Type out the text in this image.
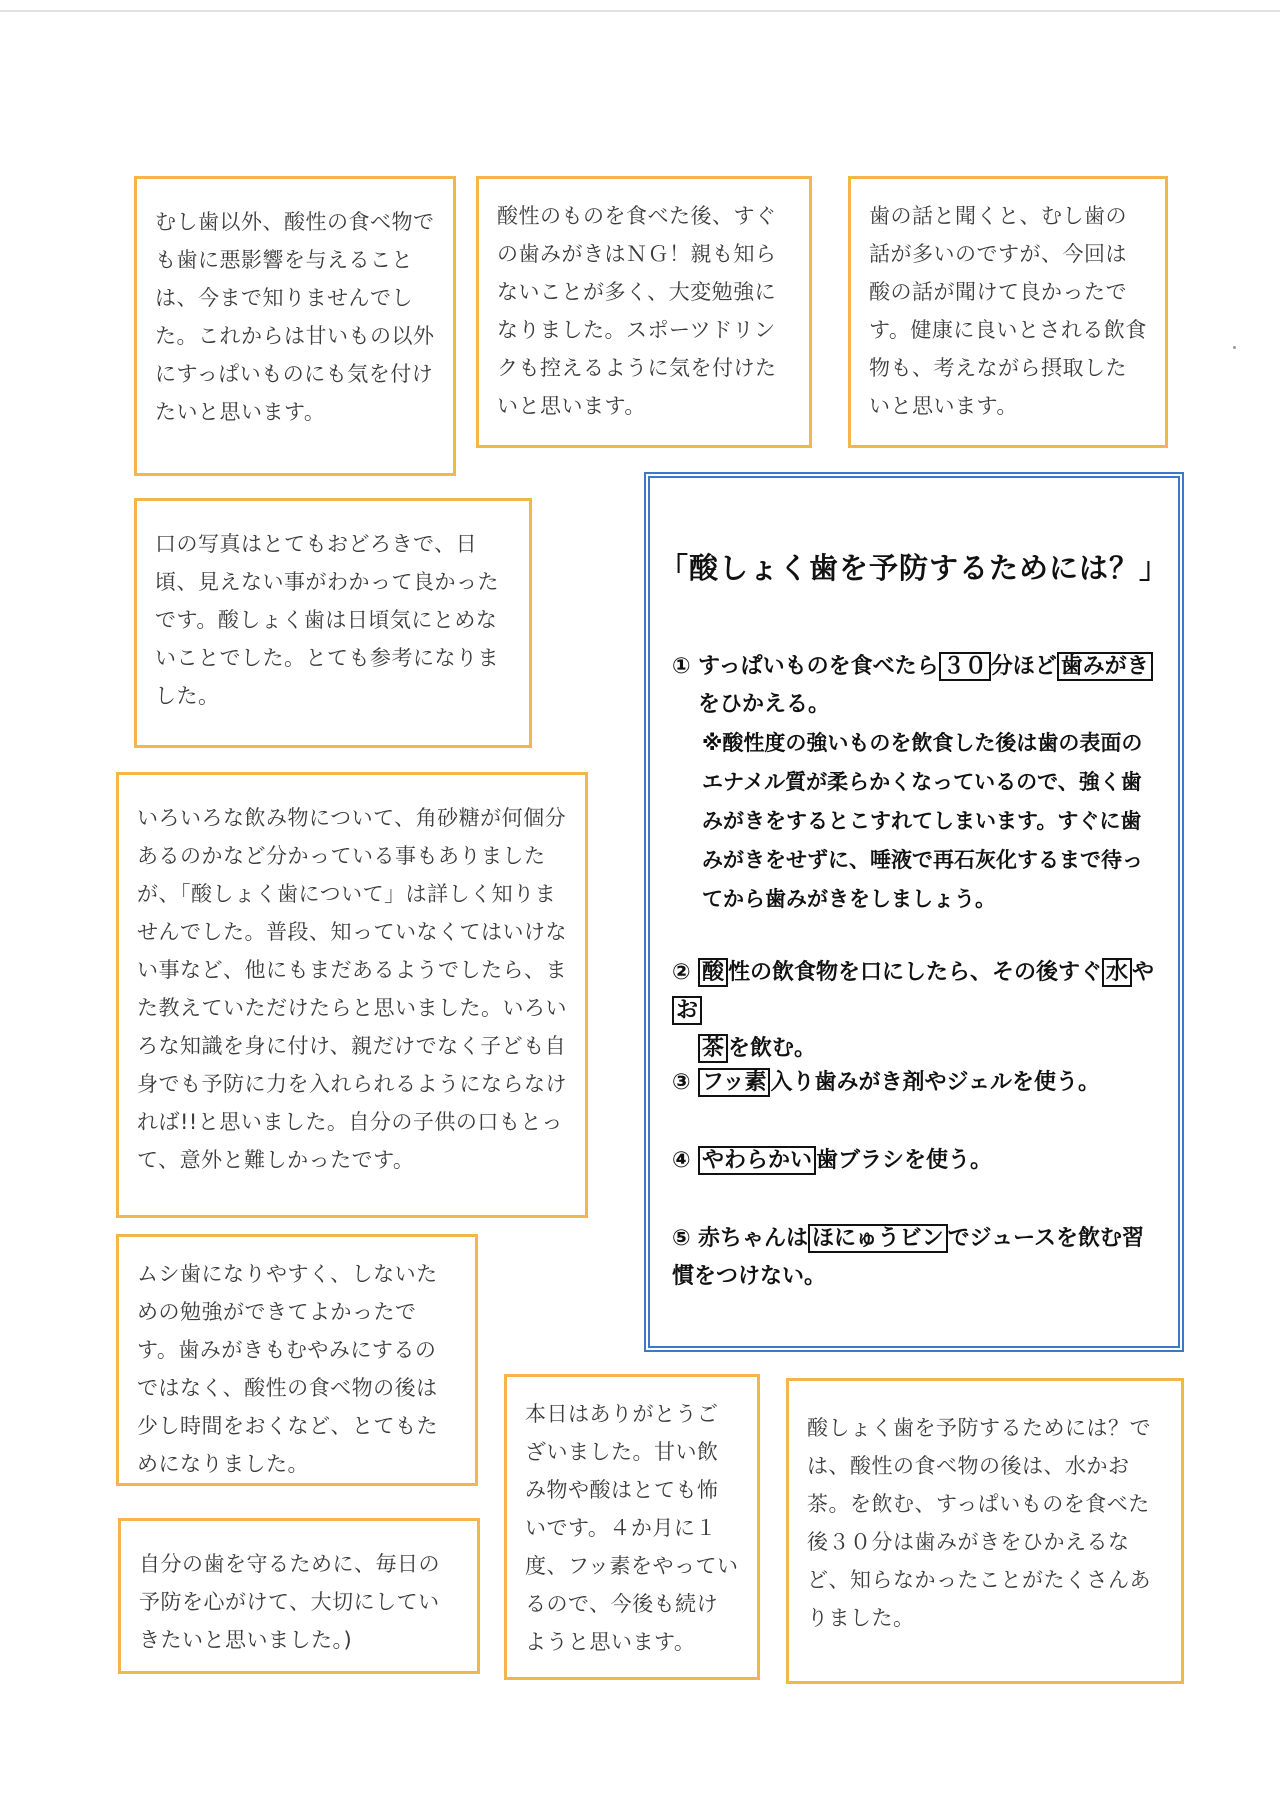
むし歯以外、酸性の食べ物でも歯に悪影響を与えることは、今まで知りませんでした。これからは甘いもの以外にすっぱいものにも気を付けたいと思います。
酸性のものを食べた後、すぐの歯みがきはＮＧ！親も知らないことが多く、大変勉強になりました。スポーツドリンクも控えるように気を付けたいと思います。
歯の話と聞くと、むし歯の話が多いのですが、今回は酸の話が聞けて良かったです。健康に良いとされる飲食物も、考えながら摂取したいと思います。
口の写真はとてもおどろきで、日頃、見えない事がわかって良かったです。酸しょく歯は日頃気にとめないことでした。とても参考になりました。
いろいろな飲み物について、角砂糖が何個分あるのかなど分かっている事もありましたが、「酸しょく歯について」は詳しく知りませんでした。普段、知っていなくてはいけない事など、他にもまだあるようでしたら、また教えていただけたらと思いました。いろいろな知識を身に付け、親だけでなく子ども自身でも予防に力を入れられるようにならなければ!!と思いました。自分の子供の口もとって、意外と難しかったです。
ムシ歯になりやすく、しないための勉強ができてよかったです。歯みがきもむやみにするのではなく、酸性の食べ物の後は少し時間をおくなど、とてもためになりました。
自分の歯を守るために、毎日の予防を心がけて、大切にしていきたいと思いました。)
本日はありがとうございました。甘い飲み物や酸はとても怖いです。４か月に１度、フッ素をやっているので、今後も続けようと思います。
酸しょく歯を予防するためには？では、酸性の食べ物の後は、水かお茶。を飲む、すっぱいものを食べた後３０分は歯みがきをひかえるなど、知らなかったことがたくさんありました。
「酸しょく歯を予防するためには？」
① すっぱいものを食べたら ３０ 分ほど 歯みがき
をひかえる。
※酸性度の強いものを飲食した後は歯の表面のエナメル質が柔らかくなっているので、強く歯みがきをするとこすれてしまいます。すぐに歯みがきをせずに、唾液で再石灰化するまで待ってから歯みがきをしましょう。
② 酸 性の飲食物を口にしたら、その後すぐ 水 やお
茶 を飲む。
③ フッ素 入り歯みがき剤やジェルを使う。
④ やわらかい 歯ブラシを使う。
⑤ 赤ちゃんは ほにゅうビン でジュースを飲む習慣をつけない。
